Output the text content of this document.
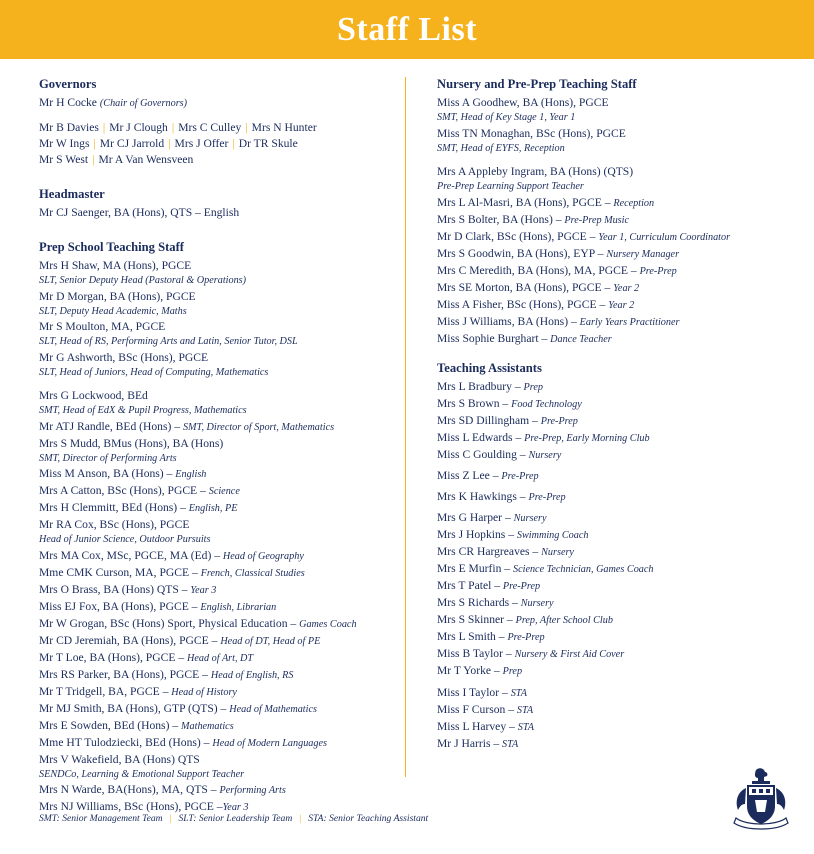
Staff List
Governors
Mr H Cocke (Chair of Governors)
Mr B Davies | Mr J Clough | Mrs C Culley | Mrs N Hunter
Mr W Ings | Mr CJ Jarrold | Mrs J Offer | Dr TR Skule
Mr S West | Mr A Van Wensveen
Headmaster
Mr CJ Saenger, BA (Hons), QTS – English
Prep School Teaching Staff
Mrs H Shaw, MA (Hons), PGCE
SLT, Senior Deputy Head (Pastoral & Operations)
Mr D Morgan, BA (Hons), PGCE
SLT, Deputy Head Academic, Maths
Mr S Moulton, MA, PGCE
SLT, Head of RS, Performing Arts and Latin, Senior Tutor, DSL
Mr G Ashworth, BSc (Hons), PGCE
SLT, Head of Juniors, Head of Computing, Mathematics
Mrs G Lockwood, BEd
SMT, Head of EdX & Pupil Progress, Mathematics
Mr ATJ Randle, BEd (Hons) – SMT, Director of Sport, Mathematics
Mrs S Mudd, BMus (Hons), BA (Hons)
SMT, Director of Performing Arts
Miss M Anson, BA (Hons) – English
Mrs A Catton, BSc (Hons), PGCE – Science
Mrs H Clemmitt, BEd (Hons) – English, PE
Mr RA Cox, BSc (Hons), PGCE
Head of Junior Science, Outdoor Pursuits
Mrs MA Cox, MSc, PGCE, MA (Ed) – Head of Geography
Mme CMK Curson, MA, PGCE – French, Classical Studies
Mrs O Brass, BA (Hons) QTS – Year 3
Miss EJ Fox, BA (Hons), PGCE – English, Librarian
Mr W Grogan, BSc (Hons) Sport, Physical Education – Games Coach
Mr CD Jeremiah, BA (Hons), PGCE – Head of DT, Head of PE
Mr T Loe, BA (Hons), PGCE – Head of Art, DT
Mrs RS Parker, BA (Hons), PGCE – Head of English, RS
Mr T Tridgell, BA, PGCE – Head of History
Mr MJ Smith, BA (Hons), GTP (QTS) – Head of Mathematics
Mrs E Sowden, BEd (Hons) – Mathematics
Mme HT Tulodziecki, BEd (Hons) – Head of Modern Languages
Mrs V Wakefield, BA (Hons) QTS
SENDCo, Learning & Emotional Support Teacher
Mrs N Warde, BA(Hons), MA, QTS – Performing Arts
Mrs NJ Williams, BSc (Hons), PGCE –Year 3
Nursery and Pre-Prep Teaching Staff
Miss A Goodhew, BA (Hons), PGCE
SMT, Head of Key Stage 1, Year 1
Miss TN Monaghan, BSc (Hons), PGCE
SMT, Head of EYFS, Reception
Mrs A Appleby Ingram, BA (Hons) (QTS)
Pre-Prep Learning Support Teacher
Mrs L Al-Masri, BA (Hons), PGCE – Reception
Mrs S Bolter, BA (Hons) – Pre-Prep Music
Mr D Clark, BSc (Hons), PGCE – Year 1, Curriculum Coordinator
Mrs S Goodwin, BA (Hons), EYP – Nursery Manager
Mrs C Meredith, BA (Hons), MA, PGCE – Pre-Prep
Mrs SE Morton, BA (Hons), PGCE – Year 2
Miss A Fisher, BSc (Hons), PGCE – Year 2
Miss J Williams, BA (Hons) – Early Years Practitioner
Miss Sophie Burghart – Dance Teacher
Teaching Assistants
Mrs L Bradbury – Prep
Mrs S Brown – Food Technology
Mrs SD Dillingham – Pre-Prep
Miss L Edwards – Pre-Prep, Early Morning Club
Miss C Goulding – Nursery
Miss Z Lee – Pre-Prep
Mrs K Hawkings – Pre-Prep
Mrs G Harper – Nursery
Mrs J Hopkins – Swimming Coach
Mrs CR Hargreaves – Nursery
Mrs E Murfin – Science Technician, Games Coach
Mrs T Patel – Pre-Prep
Mrs S Richards – Nursery
Mrs S Skinner – Prep, After School Club
Mrs L Smith – Pre-Prep
Miss B Taylor – Nursery & First Aid Cover
Mr T Yorke – Prep
Miss I Taylor – STA
Miss F Curson – STA
Miss L Harvey – STA
Mr J Harris – STA
SMT: Senior Management Team | SLT: Senior Leadership Team | STA: Senior Teaching Assistant
